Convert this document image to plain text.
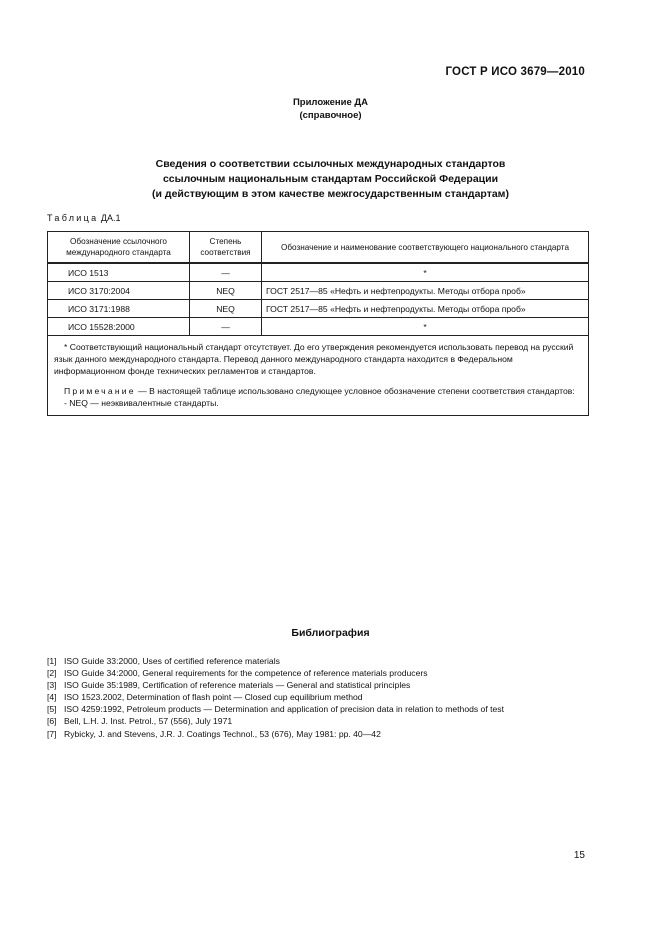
ГОСТ Р ИСО 3679—2010
Приложение ДА
(справочное)
Сведения о соответствии ссылочных международных стандартов
ссылочным национальным стандартам Российской Федерации
(и действующим в этом качестве межгосударственным стандартам)
Таблица ДА.1
Обозначение ссылочного международного стандарта	Степень соответствия	Обозначение и наименование соответствующего национального стандарта
ИСО 1513	—	*
ИСО 3170:2004	NEQ	ГОСТ 2517—85 «Нефть и нефтепродукты. Методы отбора проб»
ИСО 3171:1988	NEQ	ГОСТ 2517—85 «Нефть и нефтепродукты. Методы отбора проб»
ИСО 15528:2000	—	*

* Соответствующий национальный стандарт отсутствует. До его утверждения рекомендуется использовать перевод на русский язык данного международного стандарта. Перевод данного международного стандарта находится в Федеральном информационном фонде технических регламентов и стандартов.

Примечание — В настоящей таблице использовано следующее условное обозначение степени соответствия стандартов:

- NEQ — неэквивалентные стандарты.		

Библиография
[1] ISO Guide 33:2000, Uses of certified reference materials
[2] ISO Guide 34:2000, General requirements for the competence of reference materials producers
[3] ISO Guide 35:1989, Certification of reference materials — General and statistical principles
[4] ISO 1523.2002, Determination of flash point — Closed cup equilibrium method
[5] ISO 4259:1992, Petroleum products — Determination and application of precision data in relation to methods of test
[6] Bell, L.H. J. Inst. Petrol., 57 (556), July 1971
[7] Rybicky, J. and Stevens, J.R. J. Coatings Technol., 53 (676), May 1981: pp. 40—42
15
